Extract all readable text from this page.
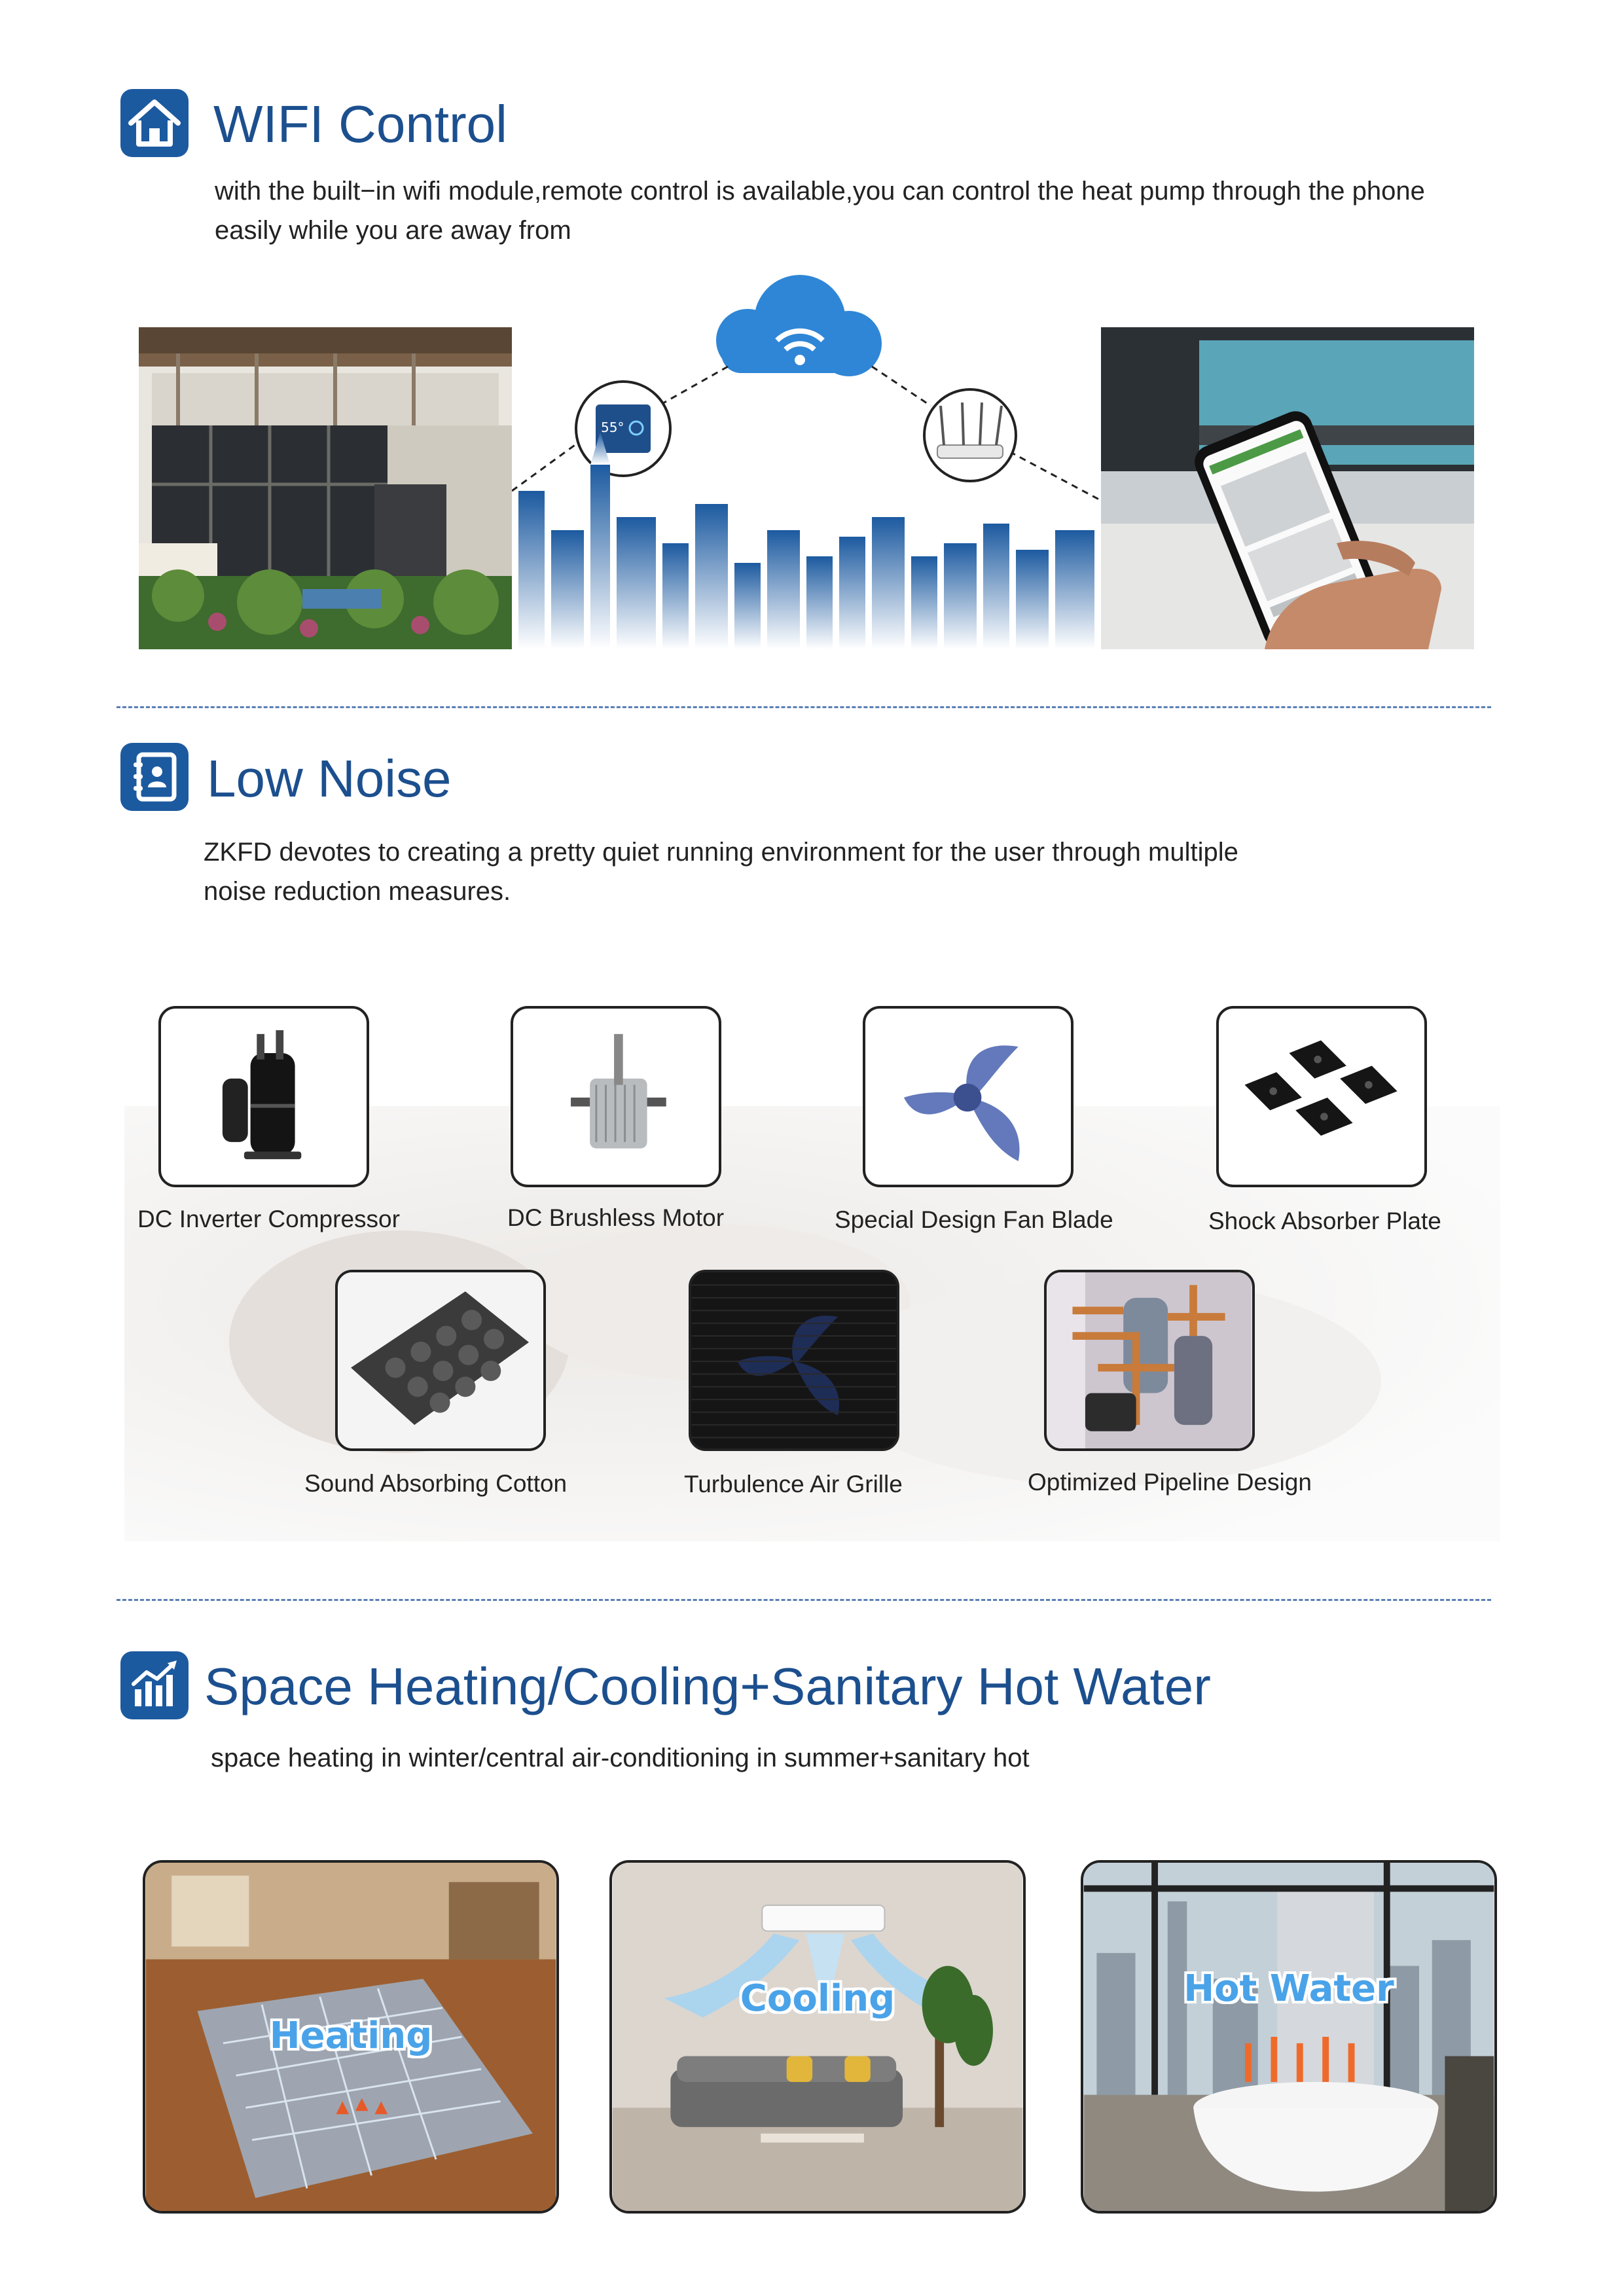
WIFI Control
with the built−in wifi module,remote control is available,you can control the heat pump through the phone easily while you are away from
55°
Low Noise
ZKFD devotes to creating a pretty quiet running environment for the user through multiple noise reduction measures.
DC Inverter Compressor	DC Brushless Motor	Special Design Fan Blade	Shock Absorber Plate
Sound Absorbing Cotton	Turbulence Air Grille	Optimized Pipeline Design
Space Heating/Cooling+Sanitary Hot Water
space heating in winter/central air-conditioning in summer+sanitary hot
Heating
Cooling	Hot Water
